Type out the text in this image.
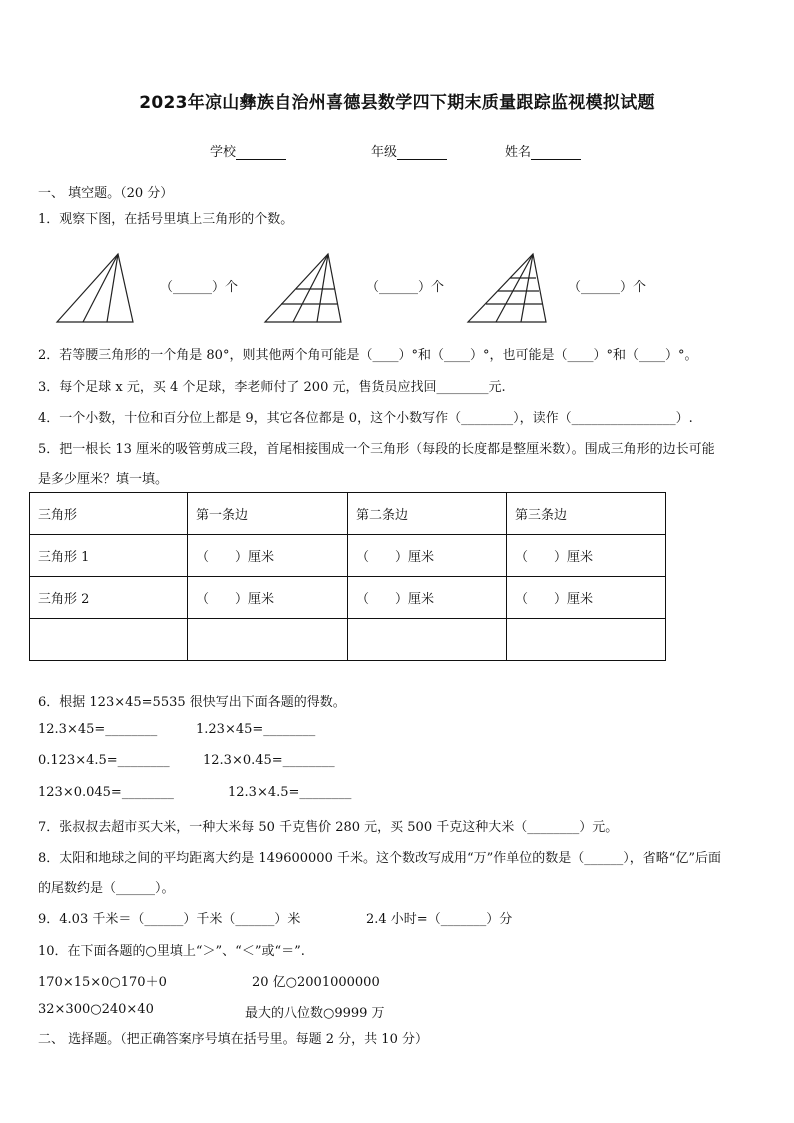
2023年凉山彝族自治州喜德县数学四下期末质量跟踪监视模拟试题
学校	年级	姓名
一、 填空题。（20 分）
1．观察下图，在括号里填上三角形的个数。
（______）个	（______）个	（______）个
2．若等腰三角形的一个角是 80°，则其他两个角可能是（____）°和（____）°，也可能是（____）°和（____）°。
3．每个足球 x 元，买 4 个足球，李老师付了 200 元，售货员应找回________元.
4．一个小数，十位和百分位上都是 9，其它各位都是 0，这个小数写作（________），读作（________________）.
5．把一根长 13 厘米的吸管剪成三段，首尾相接围成一个三角形（每段的长度都是整厘米数）。围成三角形的边长可能
是多少厘米？填一填。
三角形	第一条边	第二条边	第三条边
三角形 1	（　　）厘米	（　　）厘米	（　　）厘米
三角形 2	（　　）厘米	（　　）厘米	（　　）厘米

6．根据 123×45=5535 很快写出下面各题的得数。
12.3×45=________	1.23×45=________
0.123×4.5=________	12.3×0.45=________
123×0.045=________	12.3×4.5=________
7．张叔叔去超市买大米，一种大米每 50 千克售价 280 元，买 500 千克这种大米（________）元。
8．太阳和地球之间的平均距离大约是 149600000 千米。这个数改写成用“万”作单位的数是（______），省略“亿”后面
的尾数约是（______）。
9．4.03 千米＝（______）千米（______）米	2.4 小时=（_______）分
10．在下面各题的○里填上“＞”、“＜”或“＝”.
170×15×0○170＋0	20 亿○2001000000
32×300○240×40	最大的八位数○9999 万
二、 选择题。（把正确答案序号填在括号里。每题 2 分，共 10 分）
